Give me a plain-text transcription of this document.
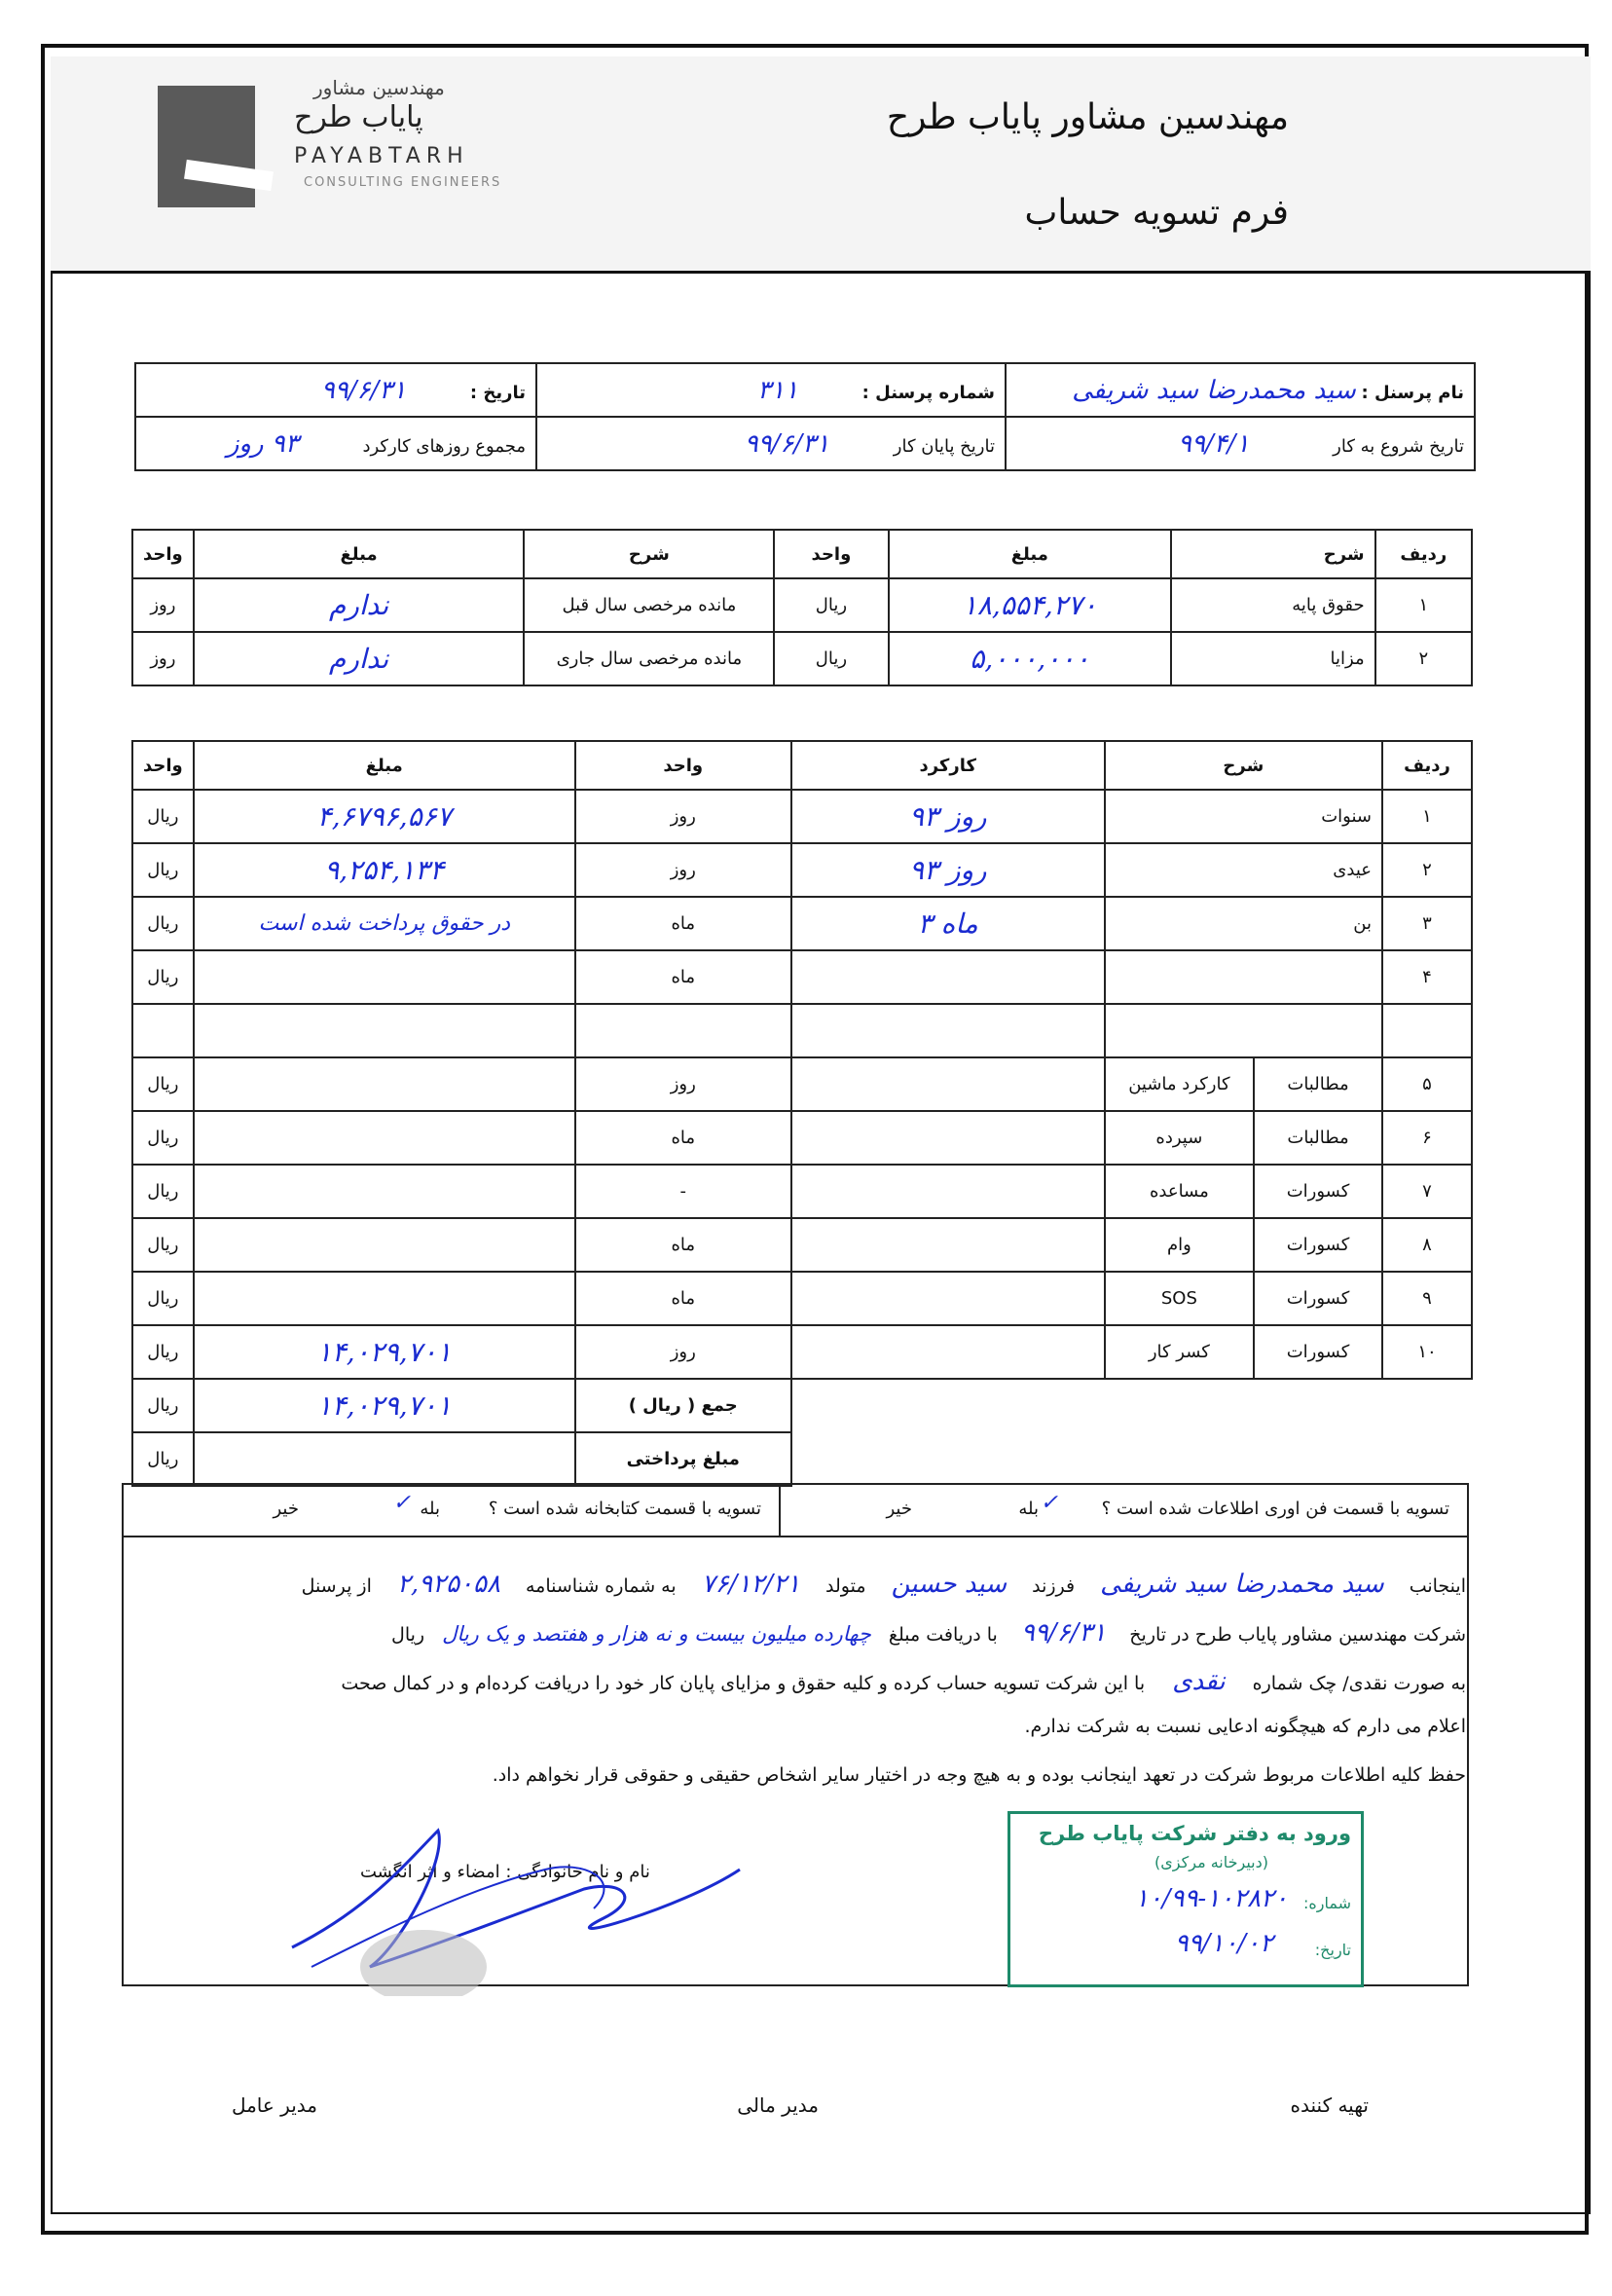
مهندسین مشاور پایاب طرح
فرم تسویه حساب
مهندسین مشاور
پایاب طرح
PAYABTARH
CONSULTING ENGINEERS
نام پرسنل : سید محمدرضا سید شریفی	شماره پرسنل : ۳۱۱	تاریخ : ۹۹/۶/۳۱
تاریخ شروع به کار ۹۹/۴/۱	تاریخ پایان کار ۹۹/۶/۳۱	مجموع روزهای کارکرد ۹۳ روز
ردیف	شرح	مبلغ	واحد	شرح	مبلغ	واحد
۱	حقوق پایه	۱۸,۵۵۴,۲۷۰	ریال	مانده مرخصی سال قبل	ندارم	روز
۲	مزایا	۵,۰۰۰,۰۰۰	ریال	مانده مرخصی سال جاری	ندارم	روز
ردیف	شرح		کارکرد	واحد	مبلغ	واحد
۱	سنوات		۹۳ روز	روز	۴,۶۷۹۶,۵۶۷	ریال
۲	عیدی		۹۳ روز	روز	۹,۲۵۴,۱۳۴	ریال
۳	بن		۳ ماه	ماه	در حقوق پرداخت شده است	ریال
۴				ماه		ریال

۵	مطالبات	کارکرد ماشین		روز		ریال
۶	مطالبات	سپرده		ماه		ریال
۷	کسورات	مساعده		-		ریال
۸	کسورات	وام		ماه		ریال
۹	کسورات	SOS		ماه		ریال
۱۰	کسورات	کسر کار		روز	۱۴,۰۲۹,۷۰۱	ریال
				جمع ( ریال )	۱۴,۰۲۹,۷۰۱	ریال
				مبلغ پرداختی		ریال
تسویه با قسمت فن اوری اطلاعات شده است ؟
بله ✓
خیر
تسویه با قسمت کتابخانه شده است ؟
بله
✓
خیر
اینجانب سید محمدرضا سید شریفی فرزند سید حسین متولد ۷۶/۱۲/۲۱ به شماره شناسنامه ۲,۹۲۵۰۵۸ از پرسنل
شرکت مهندسین مشاور پایاب طرح در تاریخ ۹۹/۶/۳۱ با دریافت مبلغ چهارده میلیون بیست و نه هزار و هفتصد و یک ریال ریال
به صورت نقدی/ چک شماره نقدی با این شرکت تسویه حساب کرده و کلیه حقوق و مزایای پایان کار خود را دریافت کرده‌ام و در کمال صحت
اعلام می دارم که هیچگونه ادعایی نسبت به شرکت ندارم.
حفظ کلیه اطلاعات مربوط شرکت در تعهد اینجانب بوده و به هیچ وجه در اختیار سایر اشخاص حقیقی و حقوقی قرار نخواهم داد.
نام و نام خانوادگی : امضاء و اثر انگشت
ورود به دفتر شرکت پایاب طرح
(دبیرخانه مرکزی)
شماره:
۱۰/۹۹-۱۰۲۸۲۰
تاریخ:
۹۹/۱۰/۰۲
تهیه کننده
مدیر مالی
مدیر عامل
